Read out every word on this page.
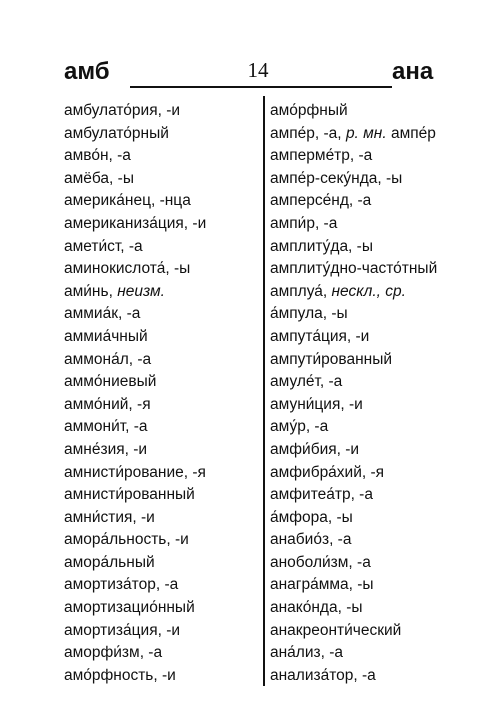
амб	14	ана
амбулато́рия, -и
амбулато́рный
амво́н, -а
амёба, -ы
америка́нец, -нца
американиза́ция, -и
амети́ст, -а
аминокислота́, -ы
ами́нь, неизм.
аммиа́к, -а
аммиа́чный
аммона́л, -а
аммо́ниевый
аммо́ний, -я
аммони́т, -а
амне́зия, -и
амнисти́рование, -я
амнисти́рованный
амни́стия, -и
амора́льность, -и
амора́льный
амортиза́тор, -а
амортизацио́нный
амортиза́ция, -и
аморфи́зм, -а
амо́рфность, -и
амо́рфный
ампе́р, -а, р. мн. ампе́р
амперме́тр, -а
ампе́р-секу́нда, -ы
амперсе́нд, -а
ампи́р, -а
амплиту́да, -ы
амплиту́дно-часто́тный
амплуа́, нескл., ср.
а́мпула, -ы
ампута́ция, -и
ампути́рованный
амуле́т, -а
амуни́ция, -и
аму́р, -а
амфи́бия, -и
амфибра́хий, -я
амфитеа́тр, -а
а́мфора, -ы
анабио́з, -а
аноболи́зм, -а
анагра́мма, -ы
анако́нда, -ы
анакреонти́ческий
ана́лиз, -а
анализа́тор, -а
